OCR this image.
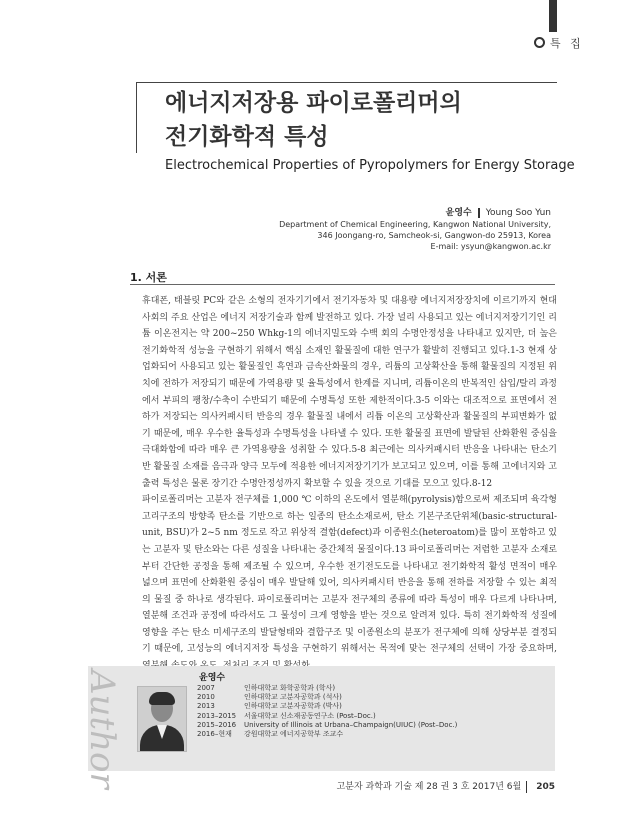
특 집
에너지저장용 파이로폴리머의
전기화학적 특성
Electrochemical Properties of Pyropolymers for Energy Storage
윤영수 Young Soo Yun
Department of Chemical Engineering, Kangwon National University,
346 Joongang-ro, Samcheok-si, Gangwon-do 25913, Korea
E-mail: ysyun@kangwon.ac.kr
1. 서론

휴대폰, 태블릿 PC와 같은 소형의 전자기기에서 전기자동차 및 대용량 에너지저장장치에 이르기까지 현대 사회의 주요 산업은 에너지 저장기술과 함께 발전하고 있다. 가장 널리 사용되고 있는 에너지저장기기인 리튬 이온전지는 약 200~250 Whkg-1의 에너지밀도와 수백 회의 수명안정성을 나타내고 있지만, 더 높은 전기화학적 성능을 구현하기 위해서 핵심 소재인 활물질에 대한 연구가 활발히 진행되고 있다.1-3 현재 상업화되어 사용되고 있는 활물질인 흑연과 금속산화물의 경우, 리튬의 고상확산을 통해 활물질의 지정된 위치에 전하가 저장되기 때문에 가역용량 및 율특성에서 한계를 지니며, 리튬이온의 반복적인 삽입/탈리 과정에서 부피의 팽창/수축이 수반되기 때문에 수명특성 또한 제한적이다.3-5 이와는 대조적으로 표면에서 전하가 저장되는 의사커패시터 반응의 경우 활물질 내에서 리튬 이온의 고상확산과 활물질의 부피변화가 없기 때문에, 매우 우수한 율특성과 수명특성을 나타낼 수 있다. 또한 활물질 표면에 발달된 산화환원 중심을 극대화함에 따라 매우 큰 가역용량을 성취할 수 있다.5-8 최근에는 의사커패시터 반응을 나타내는 탄소기반 활물질 소재를 음극과 양극 모두에 적용한 에너지저장기기가 보고되고 있으며, 이를 통해 고에너지와 고출력 특성은 물론 장기간 수명안정성까지 확보할 수 있을 것으로 기대를 모으고 있다.8-12

파이로폴리머는 고분자 전구체를 1,000 ℃ 이하의 온도에서 열분해(pyrolysis)함으로써 제조되며 육각형 고리구조의 방향족 탄소를 기반으로 하는 일종의 탄소소재로써, 탄소 기본구조단위체(basic-structural-unit, BSU)가 2~5 nm 정도로 작고 위상적 결함(defect)과 이종원소(heteroatom)를 많이 포함하고 있는 고분자 및 탄소와는 다른 성질을 나타내는 중간체적 물질이다.13 파이로폴리머는 저렴한 고분자 소재로부터 간단한 공정을 통해 제조될 수 있으며, 우수한 전기전도도를 나타내고 전기화학적 활성 면적이 매우 넓으며 표면에 산화환원 중심이 매우 발달해 있어, 의사커패시터 반응을 통해 전하를 저장할 수 있는 최적의 물질 중 하나로 생각된다. 파이로폴리머는 고분자 전구체의 종류에 따라 특성이 매우 다르게 나타나며, 열분해 조건과 공정에 따라서도 그 물성이 크게 영향을 받는 것으로 알려져 있다. 특히 전기화학적 성질에 영향을 주는 탄소 미세구조의 발달형태와 결합구조 및 이종원소의 분포가 전구체에 의해 상당부분 결정되기 때문에, 고성능의 에너지저장 특성을 구현하기 위해서는 목적에 맞는 전구체의 선택이 가장 중요하며,

Author	윤영수
2007	인하대학교 화학공학과 (학사)
2010	인하대학교 고분자공학과 (석사)
2013	인하대학교 고분자공학과 (박사)
2013–2015 서울대학교 신소재공동연구소 (Post–Doc.)
2015–2016 University of Illinois at Urbana–Champaign(UIUC) (Post–Doc.)
2016–현재 강원대학교 에너지공학부 조교수
고분자 과학과 기술 제 28 권 3 호 2017년 6월 205
